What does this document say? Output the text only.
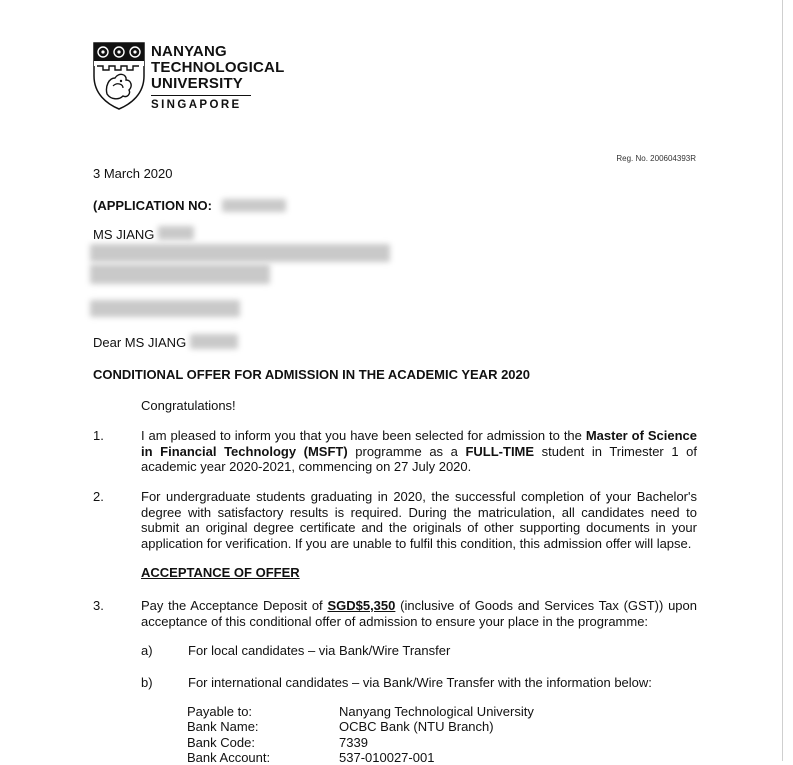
NANYANG
TECHNOLOGICAL
UNIVERSITY
SINGAPORE
Reg. No. 200604393R
3 March 2020
(APPLICATION NO:
MS JIANG
Dear MS JIANG
CONDITIONAL OFFER FOR ADMISSION IN THE ACADEMIC YEAR 2020
Congratulations!
1.	I am pleased to inform you that you have been selected for admission to the Master of Science in Financial Technology (MSFT) programme as a FULL-TIME student in Trimester 1 of academic year 2020-2021, commencing on 27 July 2020.
2.	For undergraduate students graduating in 2020, the successful completion of your Bachelor's degree with satisfactory results is required. During the matriculation, all candidates need to submit an original degree certificate and the originals of other supporting documents in your application for verification. If you are unable to fulfil this condition, this admission offer will lapse.
ACCEPTANCE OF OFFER
3.	Pay the Acceptance Deposit of SGD$5,350 (inclusive of Goods and Services Tax (GST)) upon acceptance of this conditional offer of admission to ensure your place in the programme:
a)	For local candidates – via Bank/Wire Transfer
b)	For international candidates – via Bank/Wire Transfer with the information below:
Payable to:	Nanyang Technological University
Bank Name:	OCBC Bank (NTU Branch)
Bank Code:	7339
Bank Account:	537-010027-001
